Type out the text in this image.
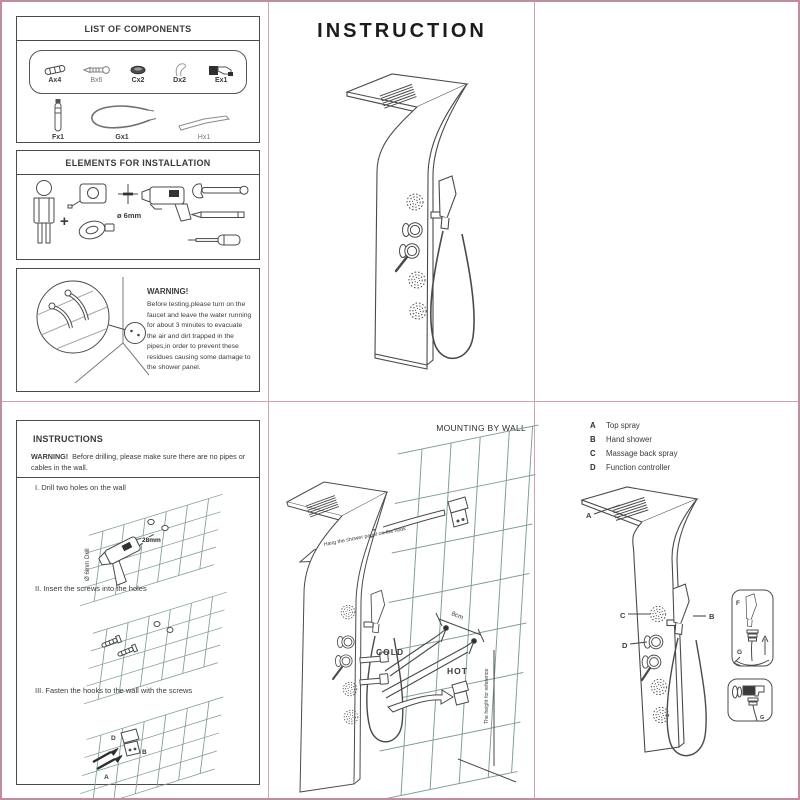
LIST OF COMPONENTS
Ax4	Bx6	Cx2	Dx2	Ex1
Fx1	Gx1	Hx1
ELEMENTS FOR INSTALLATION
+	ø 6mm
WARNING!
Before testing,please turn on the faucet and leave the water running for about 3 minutes to evacuate the air and dirt trapped in the pipes,in order to prevent these residues causing some damage to the shower panel.
INSTRUCTION
INSTRUCTIONS
WARNING! Before drilling, please make sure there are no pipes or cables in the wall.
I. Drill two holes on the wall
28mm
Ø 6mm Drill
II. Insert the screws into the holes
III. Fasten the hooks to the wall with the screws
D
B
A
MOUNTING BY WALL
Hang the shower panel on the hook
COLD
HOT
8cm
The height for reference
A	Top spray
B	Hand shower
C	Massage back spray
D	Function controller
A
C
D
B
F
G
G
